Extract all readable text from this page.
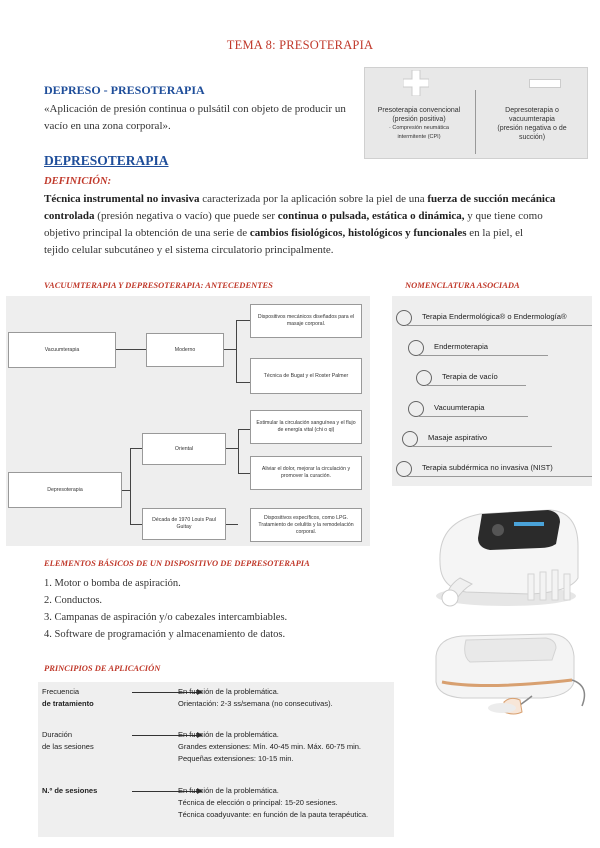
TEMA 8: PRESOTERAPIA
DEPRESO - PRESOTERAPIA
«Aplicación de presión continua o pulsátil con objeto de producir un
vacío en una zona corporal».
Presoterapia convencional
(presión positiva)
· Compresión neumática
intermitente (CPI)
Depresoterapia o
vacuumterapia
(presión negativa o de
succión)
DEPRESOTERAPIA
DEFINICIÓN:
Técnica instrumental no invasiva caracterizada por la aplicación sobre la piel de una fuerza de succión mecánica
controlada (presión negativa o vacío) que puede ser continua o pulsada, estática o dinámica, y que tiene como
objetivo principal la obtención de una serie de cambios fisiológicos, histológicos y funcionales en la piel, el
tejido celular subcutáneo y el sistema circulatorio principalmente.
VACUUMTERAPIA Y DEPRESOTERAPIA: ANTECEDENTES	NOMENCLATURA ASOCIADA
Vacuumterapia	Moderno
Dispositivos mecánicos diseñados para el masaje corporal.
Técnica de Bugat y el Roster Palmer
Depresoterapia
Oriental
Estimular la circulación sanguínea y el flujo de energía vital (chi o qi)
Aliviar el dolor, mejorar la circulación y promover la curación.
Década de 1970 Louis Paul Guitay
Dispositivos específicos, como LPG. Tratamiento de celulitis y la remodelación corporal.
Terapia Endermológica® o Endermología®
Endermoterapia
Terapia de vacío
Vacuumterapia
Masaje aspirativo
Terapia subdérmica no invasiva (NIST)
ELEMENTOS BÁSICOS DE UN DISPOSITIVO DE DEPRESOTERAPIA
1. Motor o bomba de aspiración.
2. Conductos.
3. Campanas de aspiración y/o cabezales intercambiables.
4. Software de programación y almacenamiento de datos.
PRINCIPIOS DE APLICACIÓN
Frecuencia
de tratamiento
En función de la problemática.
Orientación: 2-3 ss/semana (no consecutivas).
Duración
de las sesiones
En función de la problemática.
Grandes extensiones: Mín. 40-45 min. Máx. 60-75 min.
Pequeñas extensiones: 10-15 min.
N.º de sesiones	En función de la problemática.
Técnica de elección o principal: 15-20 sesiones.
Técnica coadyuvante: en función de la pauta terapéutica.
